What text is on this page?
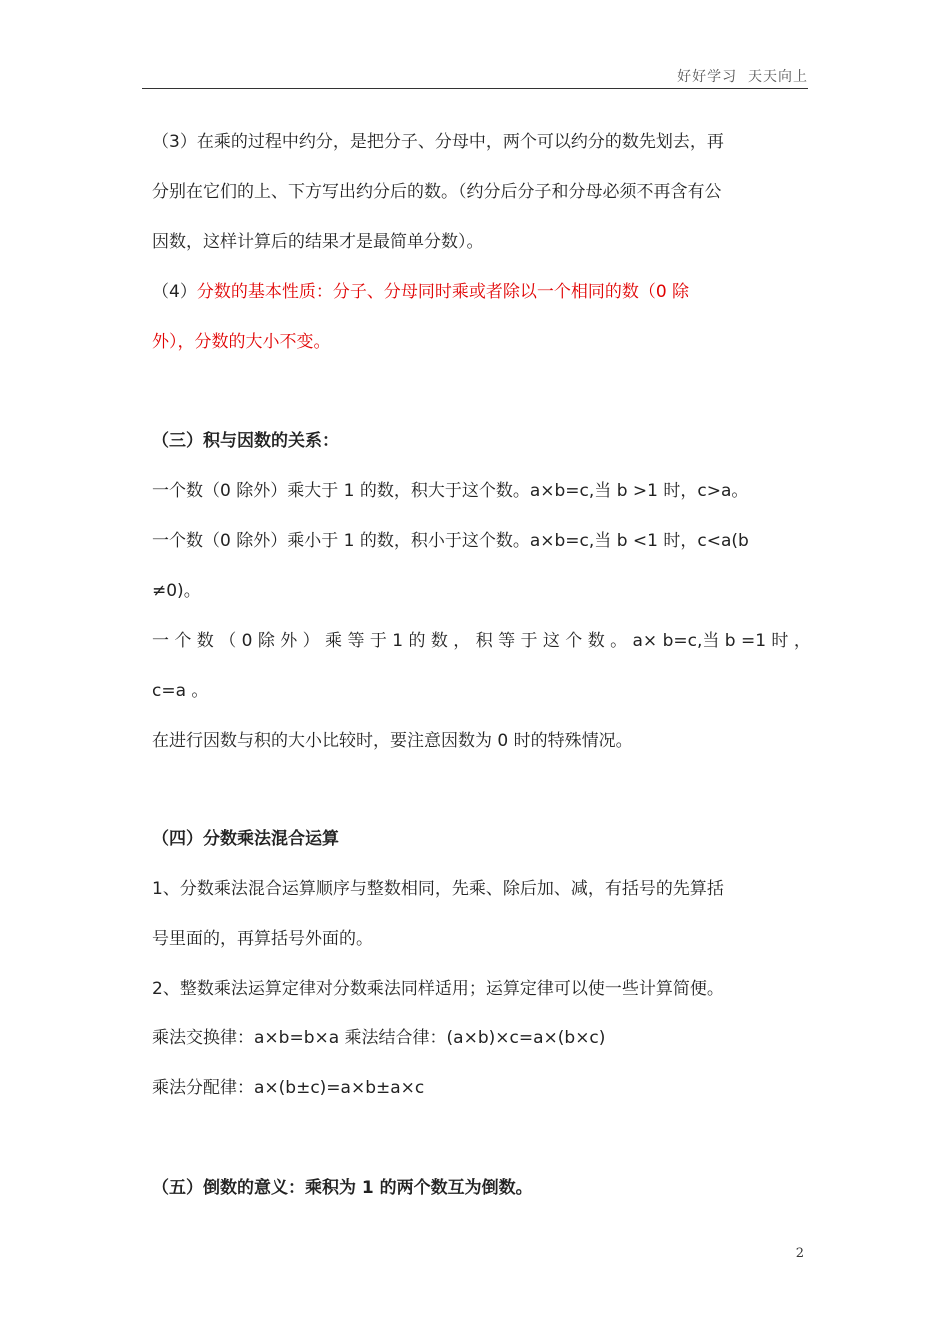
好好学习  天天向上
（3）在乘的过程中约分，是把分子、分母中，两个可以约分的数先划去，再
分别在它们的上、下方写出约分后的数。（约分后分子和分母必须不再含有公
因数，这样计算后的结果才是最简单分数）。
（4）分数的基本性质：分子、分母同时乘或者除以一个相同的数（0 除
外），分数的大小不变。
（三）积与因数的关系：
一个数（0 除外）乘大于 1 的数，积大于这个数。a×b=c,当 b >1 时，c>a。
一个数（0 除外）乘小于 1 的数，积小于这个数。a×b=c,当 b <1 时，c<a(b
≠0)。
一 个 数 （ 0 除 外 ） 乘 等 于 1 的 数 ， 积 等 于 这 个 数 。 a× b=c,当 b =1 时 ，
c=a 。
在进行因数与积的大小比较时，要注意因数为 0 时的特殊情况。
（四）分数乘法混合运算
1、分数乘法混合运算顺序与整数相同，先乘、除后加、减，有括号的先算括
号里面的，再算括号外面的。
2、整数乘法运算定律对分数乘法同样适用；运算定律可以使一些计算简便。
乘法交换律：a×b=b×a 乘法结合律：(a×b)×c=a×(b×c)
乘法分配律：a×(b±c)=a×b±a×c
（五）倒数的意义：乘积为 1 的两个数互为倒数。
2
